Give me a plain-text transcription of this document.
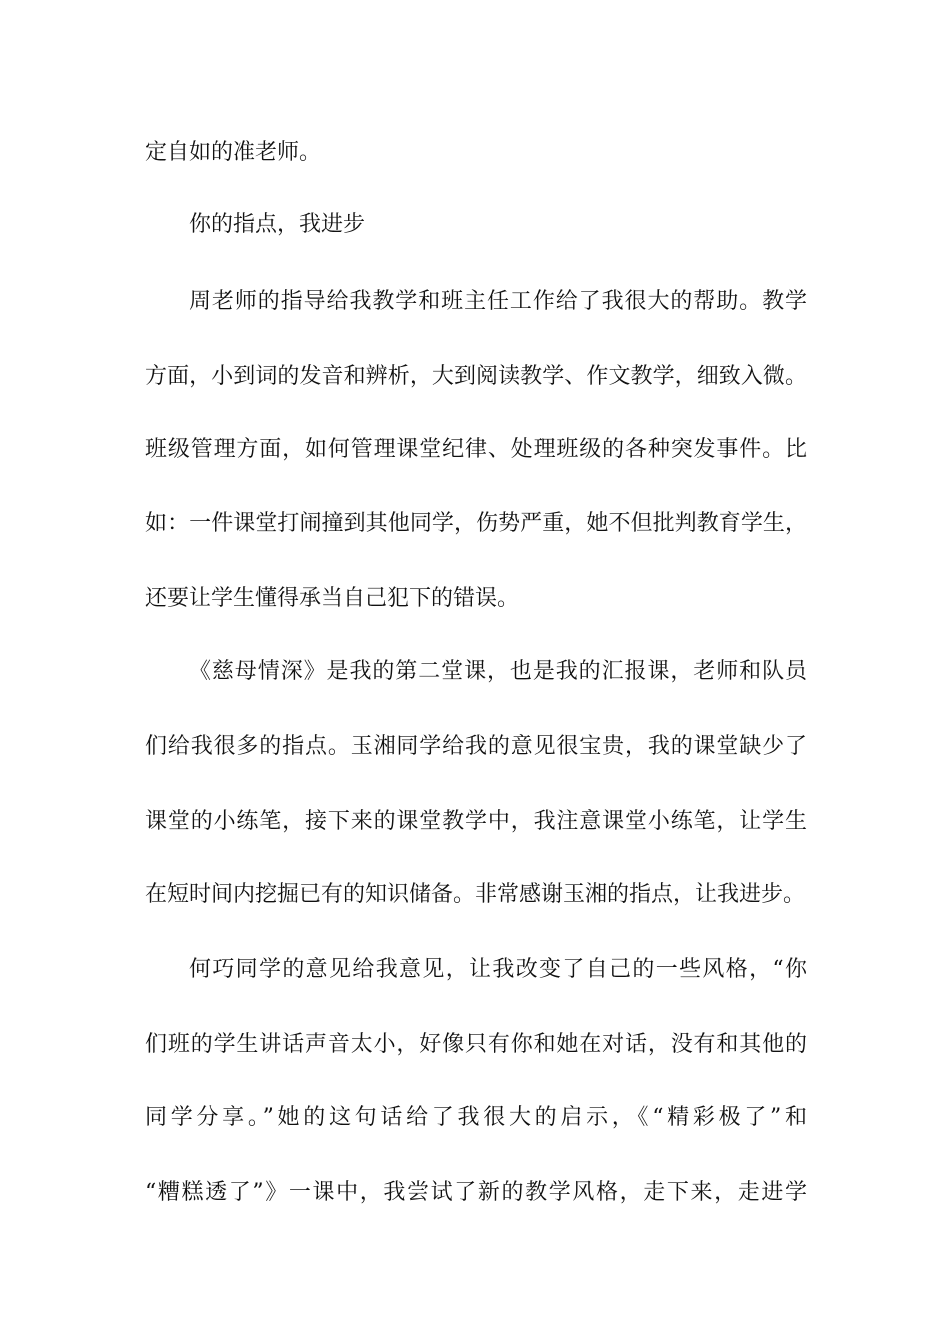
定自如的准老师。
你的指点，我进步
周老师的指导给我教学和班主任工作给了我很大的帮助。教学
方面，小到词的发音和辨析，大到阅读教学、作文教学，细致入微。
班级管理方面，如何管理课堂纪律、处理班级的各种突发事件。比
如：一件课堂打闹撞到其他同学，伤势严重，她不但批判教育学生，
还要让学生懂得承当自己犯下的错误。
《慈母情深》是我的第二堂课，也是我的汇报课，老师和队员
们给我很多的指点。玉湘同学给我的意见很宝贵，我的课堂缺少了
课堂的小练笔，接下来的课堂教学中，我注意课堂小练笔，让学生
在短时间内挖掘已有的知识储备。非常感谢玉湘的指点，让我进步。
何巧同学的意见给我意见，让我改变了自己的一些风格，“你
们班的学生讲话声音太小，好像只有你和她在对话，没有和其他的
同学分享。”她的这句话给了我很大的启示，《“精彩极了”和
“糟糕透了”》一课中，我尝试了新的教学风格，走下来，走进学
